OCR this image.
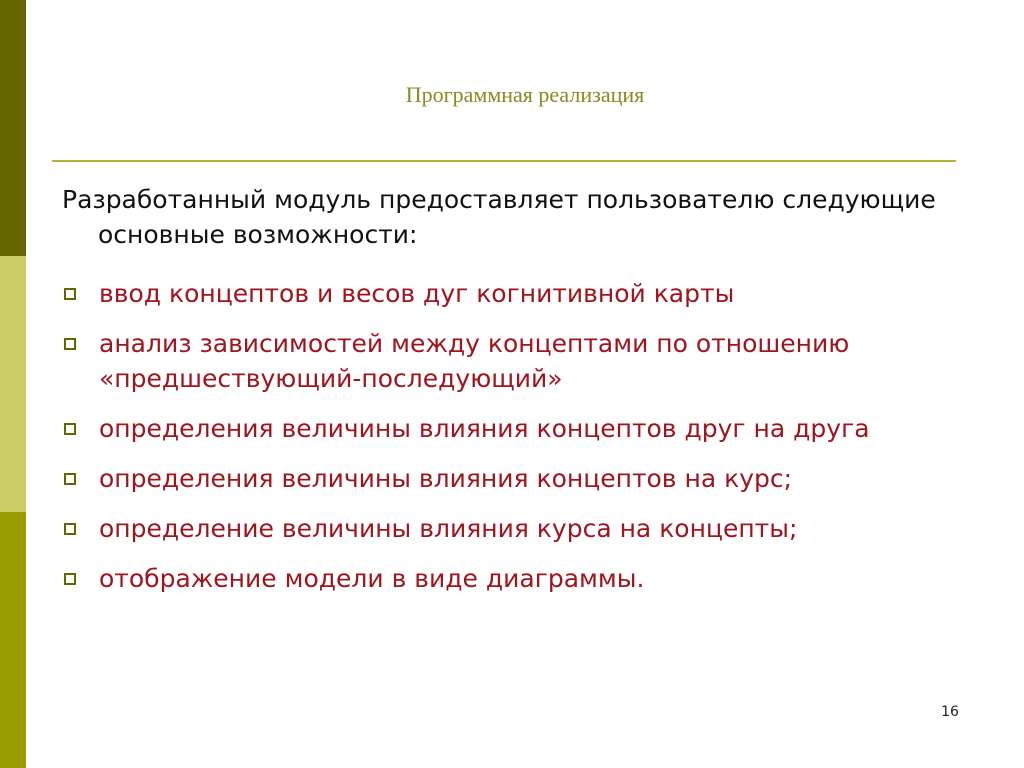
Программная реализация
Разработанный модуль предоставляет пользователю следующие основные возможности:
ввод концептов и весов дуг когнитивной карты
анализ зависимостей между концептами по отношению «предшествующий-последующий»
определения величины влияния концептов друг на друга
определения величины влияния концептов на курс;
определение величины влияния курса на концепты;
отображение модели в виде диаграммы.
16
